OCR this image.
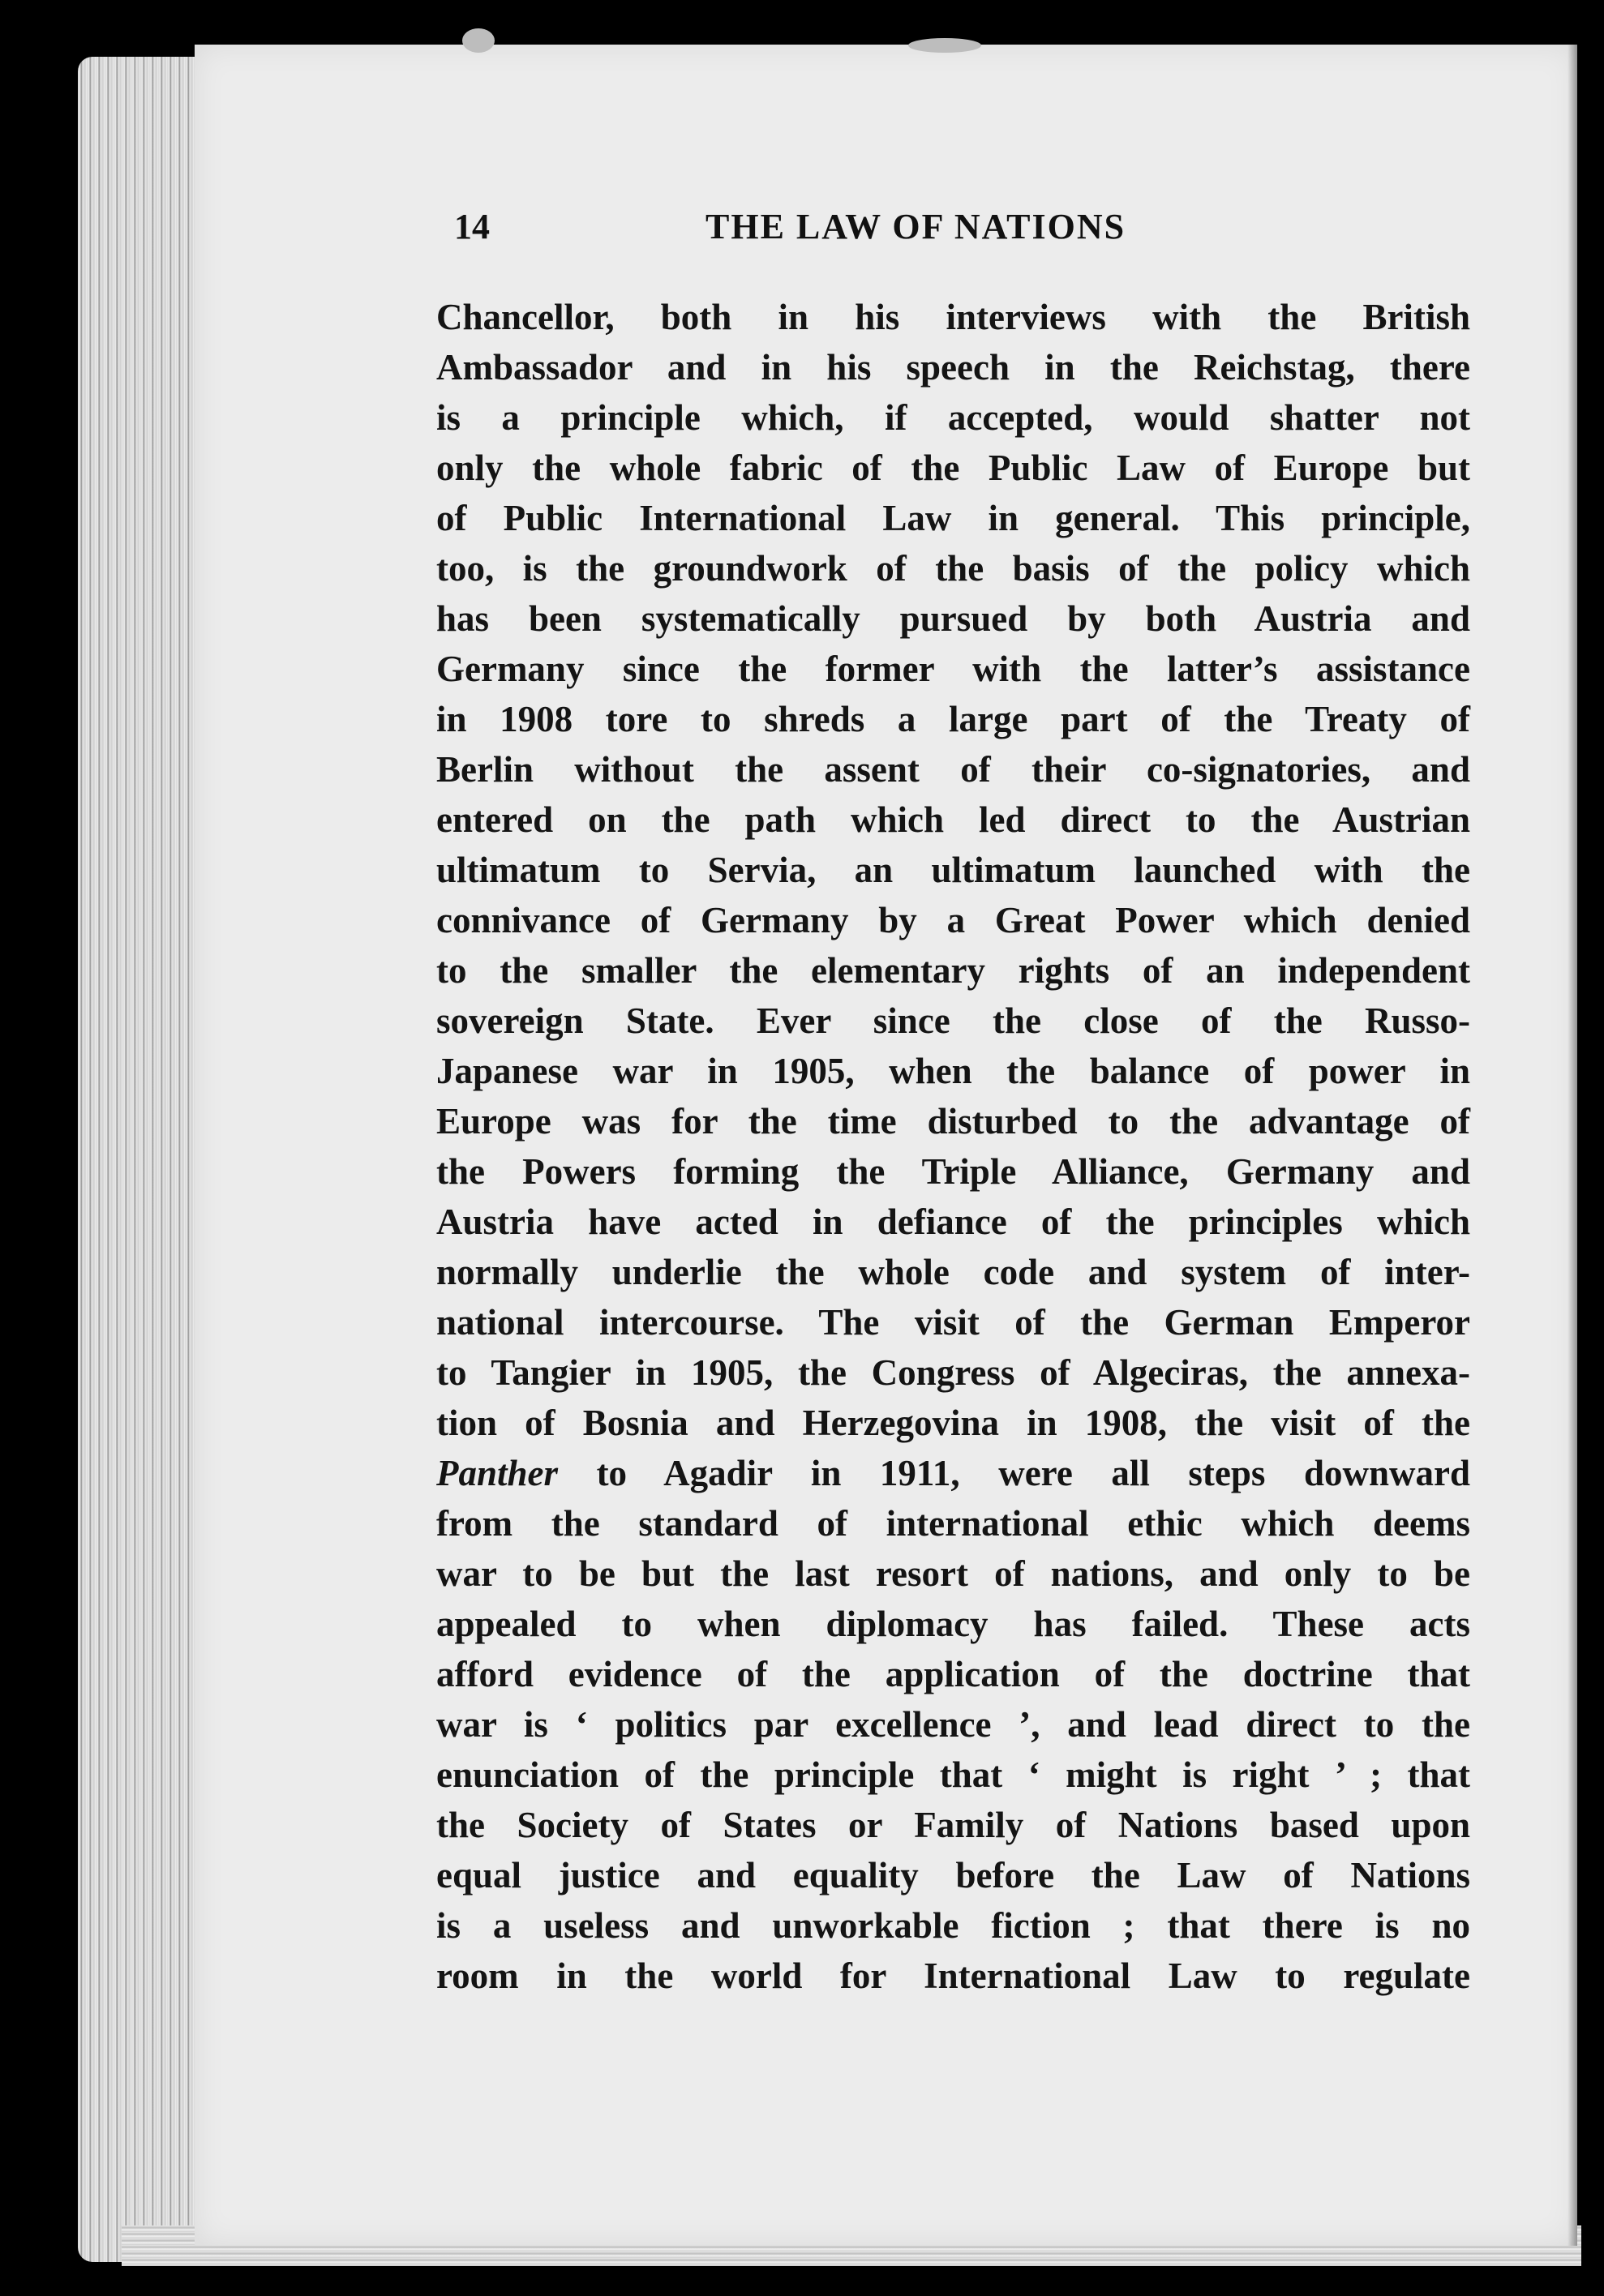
14	THE LAW OF NATIONS
Chancellor, both in his interviews with the British
Ambassador and in his speech in the Reichstag, there
is a principle which, if accepted, would shatter not
only the whole fabric of the Public Law of Europe but
of Public International Law in general. This principle,
too, is the groundwork of the basis of the policy which
has been systematically pursued by both Austria and
Germany since the former with the latter’s assistance
in 1908 tore to shreds a large part of the Treaty of
Berlin without the assent of their co-signatories, and
entered on the path which led direct to the Austrian
ultimatum to Servia, an ultimatum launched with the
connivance of Germany by a Great Power which denied
to the smaller the elementary rights of an independent
sovereign State. Ever since the close of the Russo-
Japanese war in 1905, when the balance of power in
Europe was for the time disturbed to the advantage of
the Powers forming the Triple Alliance, Germany and
Austria have acted in defiance of the principles which
normally underlie the whole code and system of inter-
national intercourse. The visit of the German Emperor
to Tangier in 1905, the Congress of Algeciras, the annexa-
tion of Bosnia and Herzegovina in 1908, the visit of the
Panther to Agadir in 1911, were all steps downward
from the standard of international ethic which deems
war to be but the last resort of nations, and only to be
appealed to when diplomacy has failed. These acts
afford evidence of the application of the doctrine that
war is ‘ politics par excellence ’, and lead direct to the
enunciation of the principle that ‘ might is right ’ ; that
the Society of States or Family of Nations based upon
equal justice and equality before the Law of Nations
is a useless and unworkable fiction ; that there is no
room in the world for International Law to regulate
